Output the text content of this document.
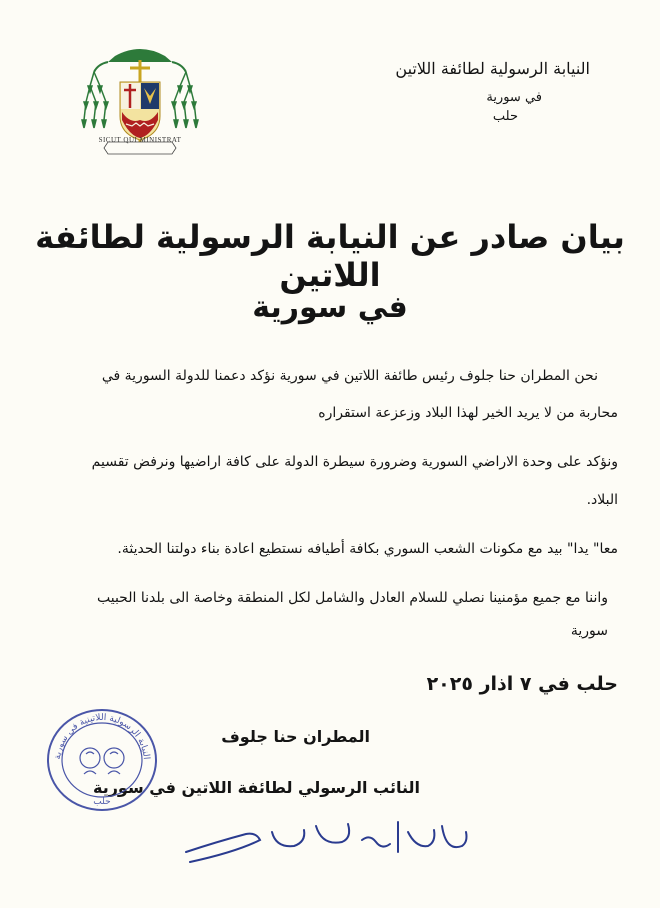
SICUT QUI MINISTRAT
النيابة الرسولية لطائفة اللاتين
في سورية
حلب
بيان صادر عن النيابة الرسولية لطائفة اللاتين
في سورية
نحن المطران حنا جلوف رئيس طائفة اللاتين في سورية نؤكد دعمنا للدولة السورية في
محاربة من لا يريد الخير لهذا البلاد وزعزعة استقراره
ونؤكد على وحدة الاراضي السورية وضرورة سيطرة الدولة على كافة اراضيها ونرفض تقسيم
البلاد.
معا" يدا" بيد مع مكونات الشعب السوري بكافة أطيافه نستطيع اعادة بناء دولتنا الحديثة.
واننا مع جميع مؤمنينا نصلي للسلام العادل والشامل لكل المنطقة وخاصة الى بلدنا الحبيب
سورية
حلب في ٧ اذار ٢٠٢٥
المطران حنا جلوف
النائب الرسولي لطائفة اللاتين في سورية
النيابة الرسولية اللاتينية في سورية
حلب
